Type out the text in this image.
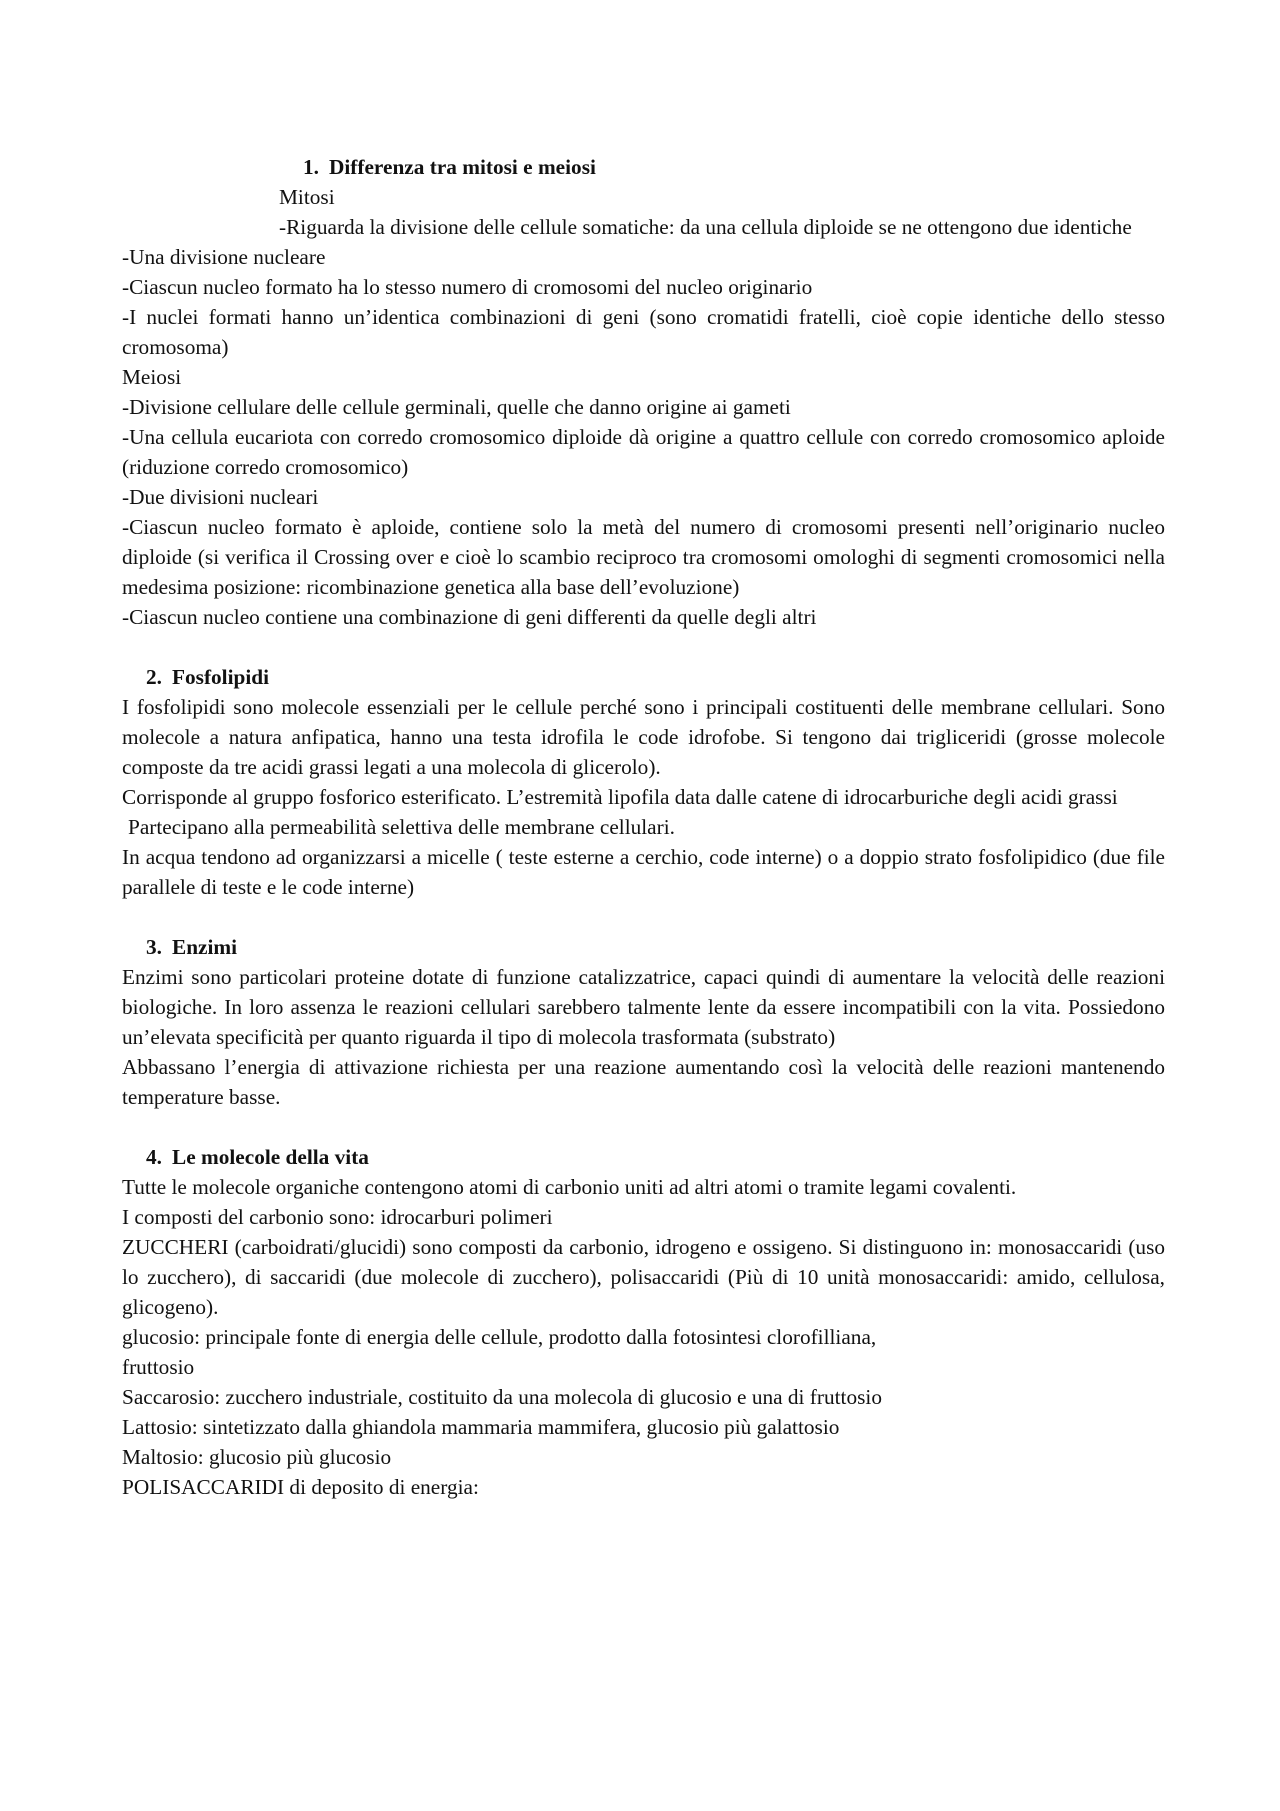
1. Differenza tra mitosi e meiosi

Mitosi

-Riguarda la divisione delle cellule somatiche: da una cellula diploide se ne ottengono due identiche

-Una divisione nucleare

-Ciascun nucleo formato ha lo stesso numero di cromosomi del nucleo originario

-I nuclei formati hanno un’identica combinazioni di geni (sono cromatidi fratelli, cioè copie identiche dello stesso cromosoma)

Meiosi

-Divisione cellulare delle cellule germinali, quelle che danno origine ai gameti

-Una cellula eucariota con corredo cromosomico diploide dà origine a quattro cellule con corredo cromosomico aploide (riduzione corredo cromosomico)

-Due divisioni nucleari

-Ciascun nucleo formato è aploide, contiene solo la metà del numero di cromosomi presenti nell’originario nucleo diploide (si verifica il Crossing over e cioè lo scambio reciproco tra cromosomi omologhi di segmenti cromosomici nella medesima posizione: ricombinazione genetica alla base dell’evoluzione)

-Ciascun nucleo contiene una combinazione di geni differenti da quelle degli altri

2. Fosfolipidi

I fosfolipidi sono molecole essenziali per le cellule perché sono i principali costituenti delle membrane cellulari. Sono molecole a natura anfipatica, hanno una testa idrofila le code idrofobe. Si tengono dai trigliceridi (grosse molecole composte da tre acidi grassi legati a una molecola di glicerolo).

Corrisponde al gruppo fosforico esterificato. L’estremità lipofila data dalle catene di idrocarburiche degli acidi grassi

Partecipano alla permeabilità selettiva delle membrane cellulari.

In acqua tendono ad organizzarsi a micelle ( teste esterne a cerchio, code interne) o a doppio strato fosfolipidico (due file parallele di teste e le code interne)

3. Enzimi

Enzimi sono particolari proteine dotate di funzione catalizzatrice, capaci quindi di aumentare la velocità delle reazioni biologiche. In loro assenza le reazioni cellulari sarebbero talmente lente da essere incompatibili con la vita. Possiedono un’elevata specificità per quanto riguarda il tipo di molecola trasformata (substrato)

Abbassano l’energia di attivazione richiesta per una reazione aumentando così la velocità delle reazioni mantenendo temperature basse.

4. Le molecole della vita

Tutte le molecole organiche contengono atomi di carbonio uniti ad altri atomi o tramite legami covalenti.

I composti del carbonio sono: idrocarburi polimeri

ZUCCHERI (carboidrati/glucidi) sono composti da carbonio, idrogeno e ossigeno. Si distinguono in: monosaccaridi (uso lo zucchero), di saccaridi (due molecole di zucchero), polisaccaridi (Più di 10 unità monosaccaridi: amido, cellulosa, glicogeno).

glucosio: principale fonte di energia delle cellule, prodotto dalla fotosintesi clorofilliana,

fruttosio

Saccarosio: zucchero industriale, costituito da una molecola di glucosio e una di fruttosio

Lattosio: sintetizzato dalla ghiandola mammaria mammifera, glucosio più galattosio

Maltosio: glucosio più glucosio

POLISACCARIDI di deposito di energia:
